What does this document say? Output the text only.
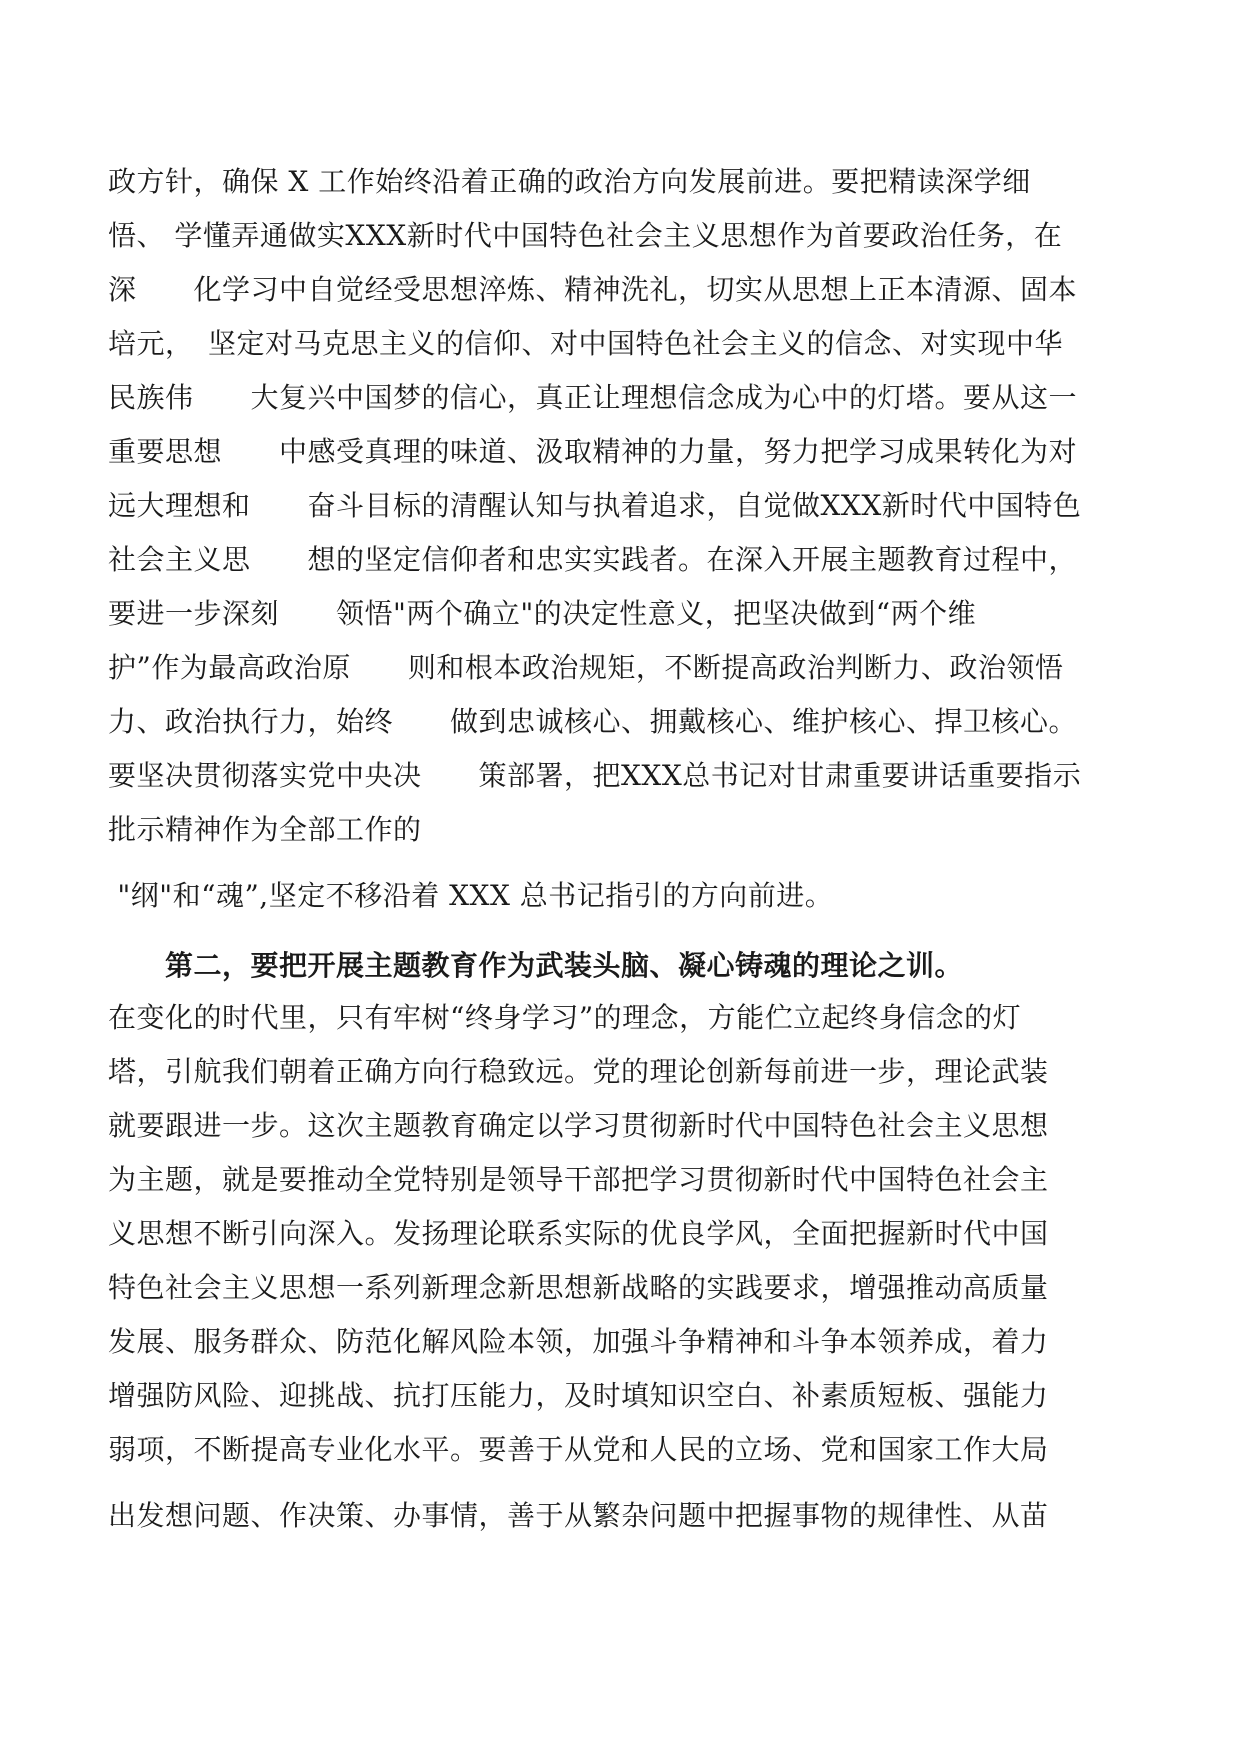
政方针，确保 X 工作始终沿着正确的政治方向发展前进。要把精读深学细
悟、 学懂弄通做实XXX新时代中国特色社会主义思想作为首要政治任务，在
深　　化学习中自觉经受思想淬炼、精神洗礼，切实从思想上正本清源、固本
培元，　坚定对马克思主义的信仰、对中国特色社会主义的信念、对实现中华
民族伟　　大复兴中国梦的信心，真正让理想信念成为心中的灯塔。要从这一
重要思想　　中感受真理的味道、汲取精神的力量，努力把学习成果转化为对
远大理想和　　奋斗目标的清醒认知与执着追求，自觉做XXX新时代中国特色
社会主义思　　想的坚定信仰者和忠实实践者。在深入开展主题教育过程中，
要进一步深刻　　领悟"两个确立"的决定性意义，把坚决做到“两个维
护”作为最高政治原　　则和根本政治规矩，不断提高政治判断力、政治领悟
力、政治执行力，始终　　做到忠诚核心、拥戴核心、维护核心、捍卫核心。
要坚决贯彻落实党中央决　　策部署，把XXX总书记对甘肃重要讲话重要指示
批示精神作为全部工作的
"纲"和“魂”,坚定不移沿着 XXX 总书记指引的方向前进。
　　第二，要把开展主题教育作为武装头脑、凝心铸魂的理论之训。
在变化的时代里，只有牢树“终身学习”的理念，方能伫立起终身信念的灯
塔，引航我们朝着正确方向行稳致远。党的理论创新每前进一步，理论武装
就要跟进一步。这次主题教育确定以学习贯彻新时代中国特色社会主义思想
为主题，就是要推动全党特别是领导干部把学习贯彻新时代中国特色社会主
义思想不断引向深入。发扬理论联系实际的优良学风，全面把握新时代中国
特色社会主义思想一系列新理念新思想新战略的实践要求，增强推动高质量
发展、服务群众、防范化解风险本领，加强斗争精神和斗争本领养成，着力
增强防风险、迎挑战、抗打压能力，及时填知识空白、补素质短板、强能力
弱项，不断提高专业化水平。要善于从党和人民的立场、党和国家工作大局
出发想问题、作决策、办事情，善于从繁杂问题中把握事物的规律性、从苗
